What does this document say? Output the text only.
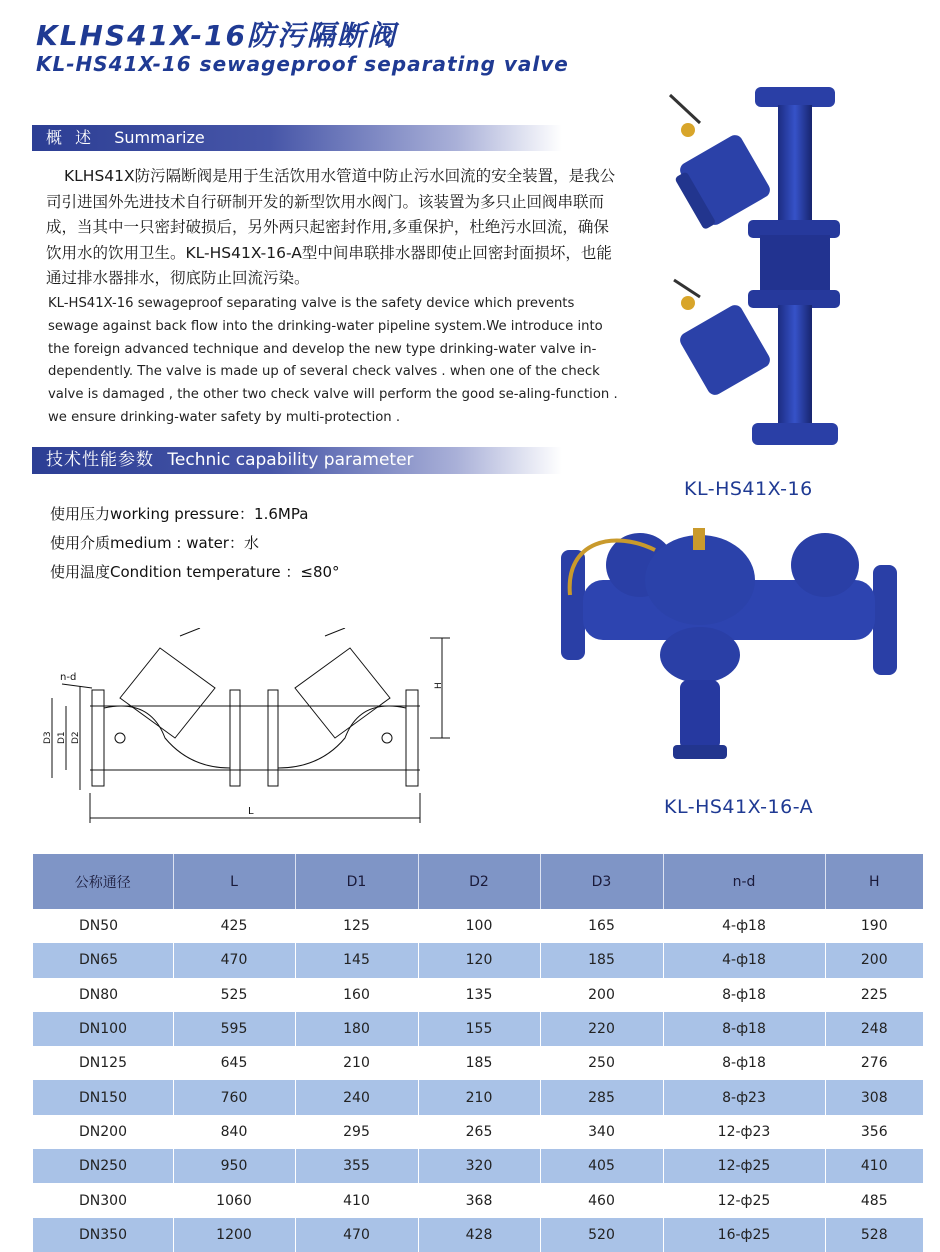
KLHS41X-16防污隔断阀
KL-HS41X-16 sewageproof separating valve
概 述 Summarize

KLHS41X防污隔断阀是用于生活饮用水管道中防止污水回流的安全装置，是我公司引进国外先进技术自行研制开发的新型饮用水阀门。该装置为多只止回阀串联而成，当其中一只密封破损后，另外两只起密封作用,多重保护，杜绝污水回流，确保饮用水的饮用卫生。KL-HS41X-16-A型中间串联排水器即使止回密封面损坏，也能通过排水器排水，彻底防止回流污染。

KL-HS41X-16 sewageproof separating valve is the safety device which prevents
sewage against back flow into the drinking-water pipeline system.We introduce into
the foreign advanced technique and develop the new type drinking-water valve in-
dependently. The valve is made up of several check valves . when one of the check
valve is damaged , the other two check valve will perform the good se-aling-function .
we ensure drinking-water safety by multi-protection .
技术性能参数 Technic capability parameter
使用压力working pressure：1.6MPa
使用介质medium : water：水
使用温度Condition temperature ：≤80°
KL-HS41X-16
KL-HS41X-16-A
n-d
D3 D1 D2
H
L
公称通径	L	D1	D2	D3	n-d	H
DN50	425	125	100	165	4-ф18	190
DN65	470	145	120	185	4-ф18	200
DN80	525	160	135	200	8-ф18	225
DN100	595	180	155	220	8-ф18	248
DN125	645	210	185	250	8-ф18	276
DN150	760	240	210	285	8-ф23	308
DN200	840	295	265	340	12-ф23	356
DN250	950	355	320	405	12-ф25	410
DN300	1060	410	368	460	12-ф25	485
DN350	1200	470	428	520	16-ф25	528
